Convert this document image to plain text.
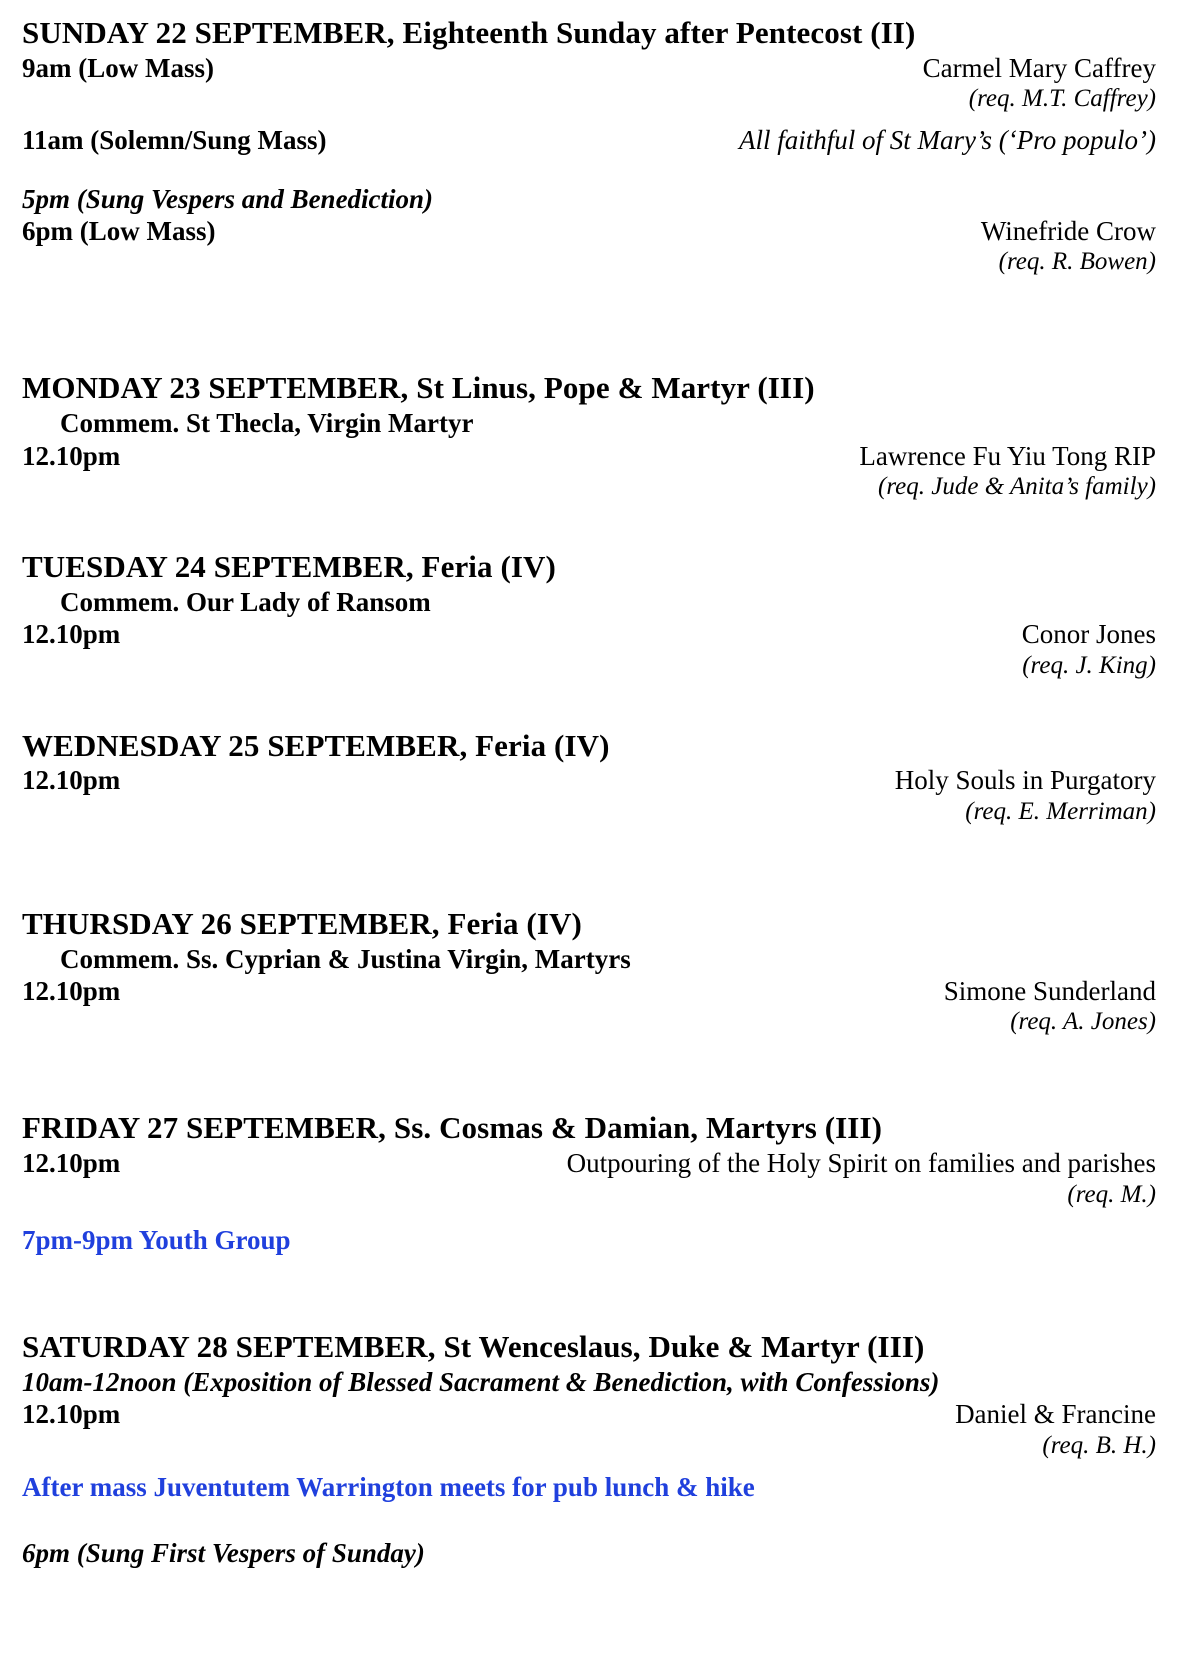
SUNDAY 22 SEPTEMBER, Eighteenth Sunday after Pentecost (II)
9am (Low Mass)	Carmel Mary Caffrey
(req. M.T. Caffrey)
11am (Solemn/Sung Mass)	All faithful of St Mary’s (‘Pro populo’)
5pm (Sung Vespers and Benediction)
6pm (Low Mass)	Winefride Crow
(req. R. Bowen)
MONDAY 23 SEPTEMBER, St Linus, Pope & Martyr (III)
Commem. St Thecla, Virgin Martyr
12.10pm	Lawrence Fu Yiu Tong RIP
(req. Jude & Anita’s family)
TUESDAY 24 SEPTEMBER, Feria (IV)
Commem. Our Lady of Ransom
12.10pm	Conor Jones
(req. J. King)
WEDNESDAY 25 SEPTEMBER, Feria (IV)
12.10pm	Holy Souls in Purgatory
(req. E. Merriman)
THURSDAY 26 SEPTEMBER, Feria (IV)
Commem. Ss. Cyprian & Justina Virgin, Martyrs
12.10pm	Simone Sunderland
(req. A. Jones)
FRIDAY 27 SEPTEMBER, Ss. Cosmas & Damian, Martyrs (III)
12.10pm	Outpouring of the Holy Spirit on families and parishes
(req. M.)
7pm-9pm Youth Group
SATURDAY 28 SEPTEMBER, St Wenceslaus, Duke & Martyr (III)
10am-12noon (Exposition of Blessed Sacrament & Benediction, with Confessions)
12.10pm	Daniel & Francine
(req. B. H.)
After mass Juventutem Warrington meets for pub lunch & hike
6pm (Sung First Vespers of Sunday)
